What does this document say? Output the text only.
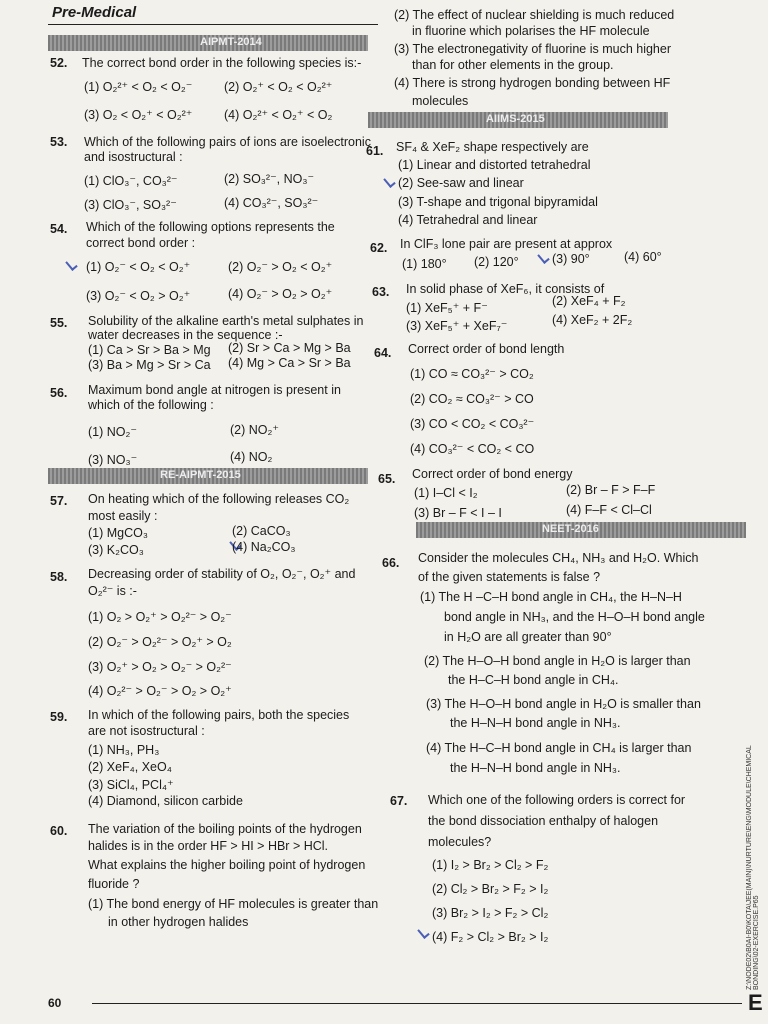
Pre-Medical
AIPMT-2014
52. The correct bond order in the following species is:-
(1) O₂²⁺ < O₂ < O₂⁻	(2) O₂⁺ < O₂ < O₂²⁺
(3) O₂ < O₂⁺ < O₂²⁺	(4) O₂²⁺ < O₂⁺ < O₂
53. Which of the following pairs of ions are isoelectronic
and isostructural :
(1) ClO₃⁻, CO₃²⁻	(2) SO₃²⁻, NO₃⁻
(3) ClO₃⁻, SO₃²⁻	(4) CO₃²⁻, SO₃²⁻
54. Which of the following options represents the
correct bond order :
(1) O₂⁻ < O₂ < O₂⁺	(2) O₂⁻ > O₂ < O₂⁺
(3) O₂⁻ < O₂ > O₂⁺	(4) O₂⁻ > O₂ > O₂⁺
55. Solubility of the alkaline earth's metal sulphates in
water decreases in the sequence :-
(1) Ca > Sr > Ba > Mg (2) Sr > Ca > Mg > Ba
(3) Ba > Mg > Sr > Ca (4) Mg > Ca > Sr > Ba
56. Maximum bond angle at nitrogen is present in
which of the following :
(1) NO₂⁻	(2) NO₂⁺
(3) NO₃⁻	(4) NO₂
RE-AIPMT-2015
57. On heating which of the following releases CO₂
most easily :
(1) MgCO₃	(2) CaCO₃
(3) K₂CO₃	(4) Na₂CO₃
58. Decreasing order of stability of O₂, O₂⁻, O₂⁺ and
O₂²⁻ is :-
(1) O₂ > O₂⁺ > O₂²⁻ > O₂⁻
(2) O₂⁻ > O₂²⁻ > O₂⁺ > O₂
(3) O₂⁺ > O₂ > O₂⁻ > O₂²⁻
(4) O₂²⁻ > O₂⁻ > O₂ > O₂⁺
59. In which of the following pairs, both the species
are not isostructural :
(1) NH₃, PH₃
(2) XeF₄, XeO₄
(3) SiCl₄, PCl₄⁺
(4) Diamond, silicon carbide
60. The variation of the boiling points of the hydrogen
halides is in the order HF > HI > HBr > HCl.
What explains the higher boiling point of hydrogen
fluoride ?
(1) The bond energy of HF molecules is greater than
in other hydrogen halides
60
(2) The effect of nuclear shielding is much reduced
in fluorine which polarises the HF molecule
(3) The electronegativity of fluorine is much higher
than for other elements in the group.
(4) There is strong hydrogen bonding between HF
molecules
AIIMS-2015
61. SF₄ & XeF₂ shape respectively are
(1) Linear and distorted tetrahedral
(2) See-saw and linear
(3) T-shape and trigonal bipyramidal
(4) Tetrahedral and linear
62. In ClF₃ lone pair are present at approx
(1) 180° (2) 120°	(3) 90°	(4) 60°
63. In solid phase of XeF₆, it consists of
(1) XeF₅⁺ + F⁻	(2) XeF₄ + F₂
(3) XeF₅⁺ + XeF₇⁻	(4) XeF₂ + 2F₂
64. Correct order of bond length
(1) CO ≈ CO₃²⁻ > CO₂
(2) CO₂ ≈ CO₃²⁻ > CO
(3) CO < CO₂ < CO₃²⁻
(4) CO₃²⁻ < CO₂ < CO
65. Correct order of bond energy
(1) I–Cl < I₂	(2) Br – F > F–F
(3) Br – F < I – I	(4) F–F < Cl–Cl
NEET-2016
66. Consider the molecules CH₄, NH₃ and H₂O. Which
of the given statements is false ?
(1) The H –C–H bond angle in CH₄, the H–N–H
bond angle in NH₃, and the H–O–H bond angle
in H₂O are all greater than 90°
(2) The H–O–H bond angle in H₂O is larger than
the H–C–H bond angle in CH₄.
(3) The H–O–H bond angle in H₂O is smaller than
the H–N–H bond angle in NH₃.
(4) The H–C–H bond angle in CH₄ is larger than
the H–N–H bond angle in NH₃.
67. Which one of the following orders is correct for
the bond dissociation enthalpy of halogen
molecules?
(1) I₂ > Br₂ > Cl₂ > F₂
(2) Cl₂ > Br₂ > F₂ > I₂
(3) Br₂ > I₂ > F₂ > Cl₂
(4) F₂ > Cl₂ > Br₂ > I₂	Z:\NODE02\B0AI-B0\KOTA\JEE(MAIN)\NURTURE\ENG\MODULE\CHEMICAL BONDING\02-EXERCISE.P65
E
